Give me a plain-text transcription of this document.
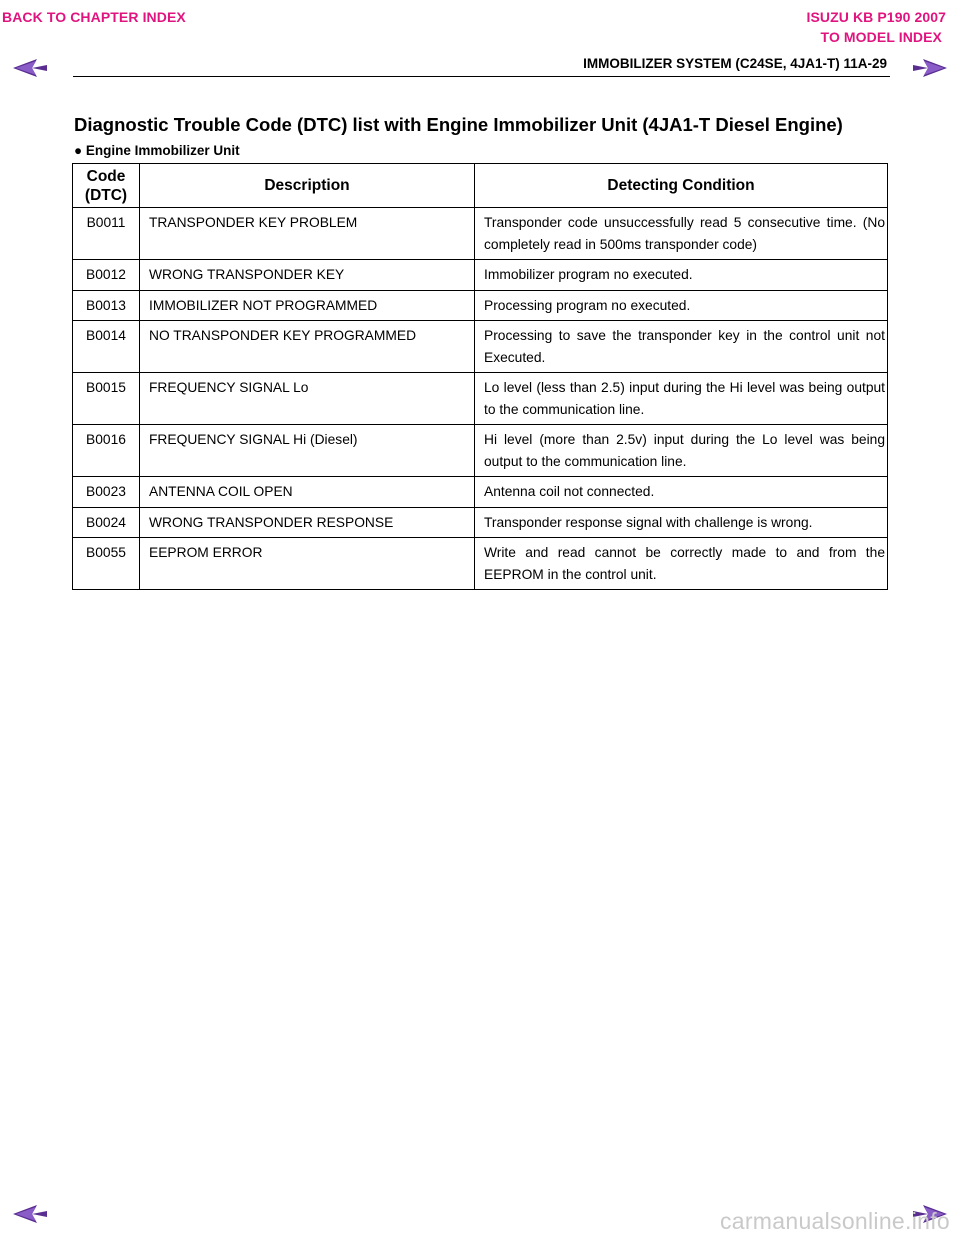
BACK TO CHAPTER INDEX	ISUZU KB P190 2007
TO MODEL INDEX
IMMOBILIZER SYSTEM (C24SE, 4JA1-T) 11A-29
Diagnostic Trouble Code (DTC) list with Engine Immobilizer Unit (4JA1-T Diesel Engine)
● Engine Immobilizer Unit
Code (DTC)	Description	Detecting Condition
B0011	TRANSPONDER KEY PROBLEM	Transponder code unsuccessfully read 5 consecutive time. (No completely read in 500ms transponder code)
B0012	WRONG TRANSPONDER KEY	Immobilizer program no executed.
B0013	IMMOBILIZER NOT PROGRAMMED	Processing program no executed.
B0014	NO TRANSPONDER KEY PROGRAMMED	Processing to save the transponder key in the control unit not Executed.
B0015	FREQUENCY SIGNAL Lo	Lo level (less than 2.5) input during the Hi level was being output to the communication line.
B0016	FREQUENCY SIGNAL Hi (Diesel)	Hi level (more than 2.5v) input during the Lo level was being output to the communication line.
B0023	ANTENNA COIL OPEN	Antenna coil not connected.
B0024	WRONG TRANSPONDER RESPONSE	Transponder response signal with challenge is wrong.
B0055	EEPROM ERROR	Write and read cannot be correctly made to and from the EEPROM in the control unit.
carmanualsonline.info
